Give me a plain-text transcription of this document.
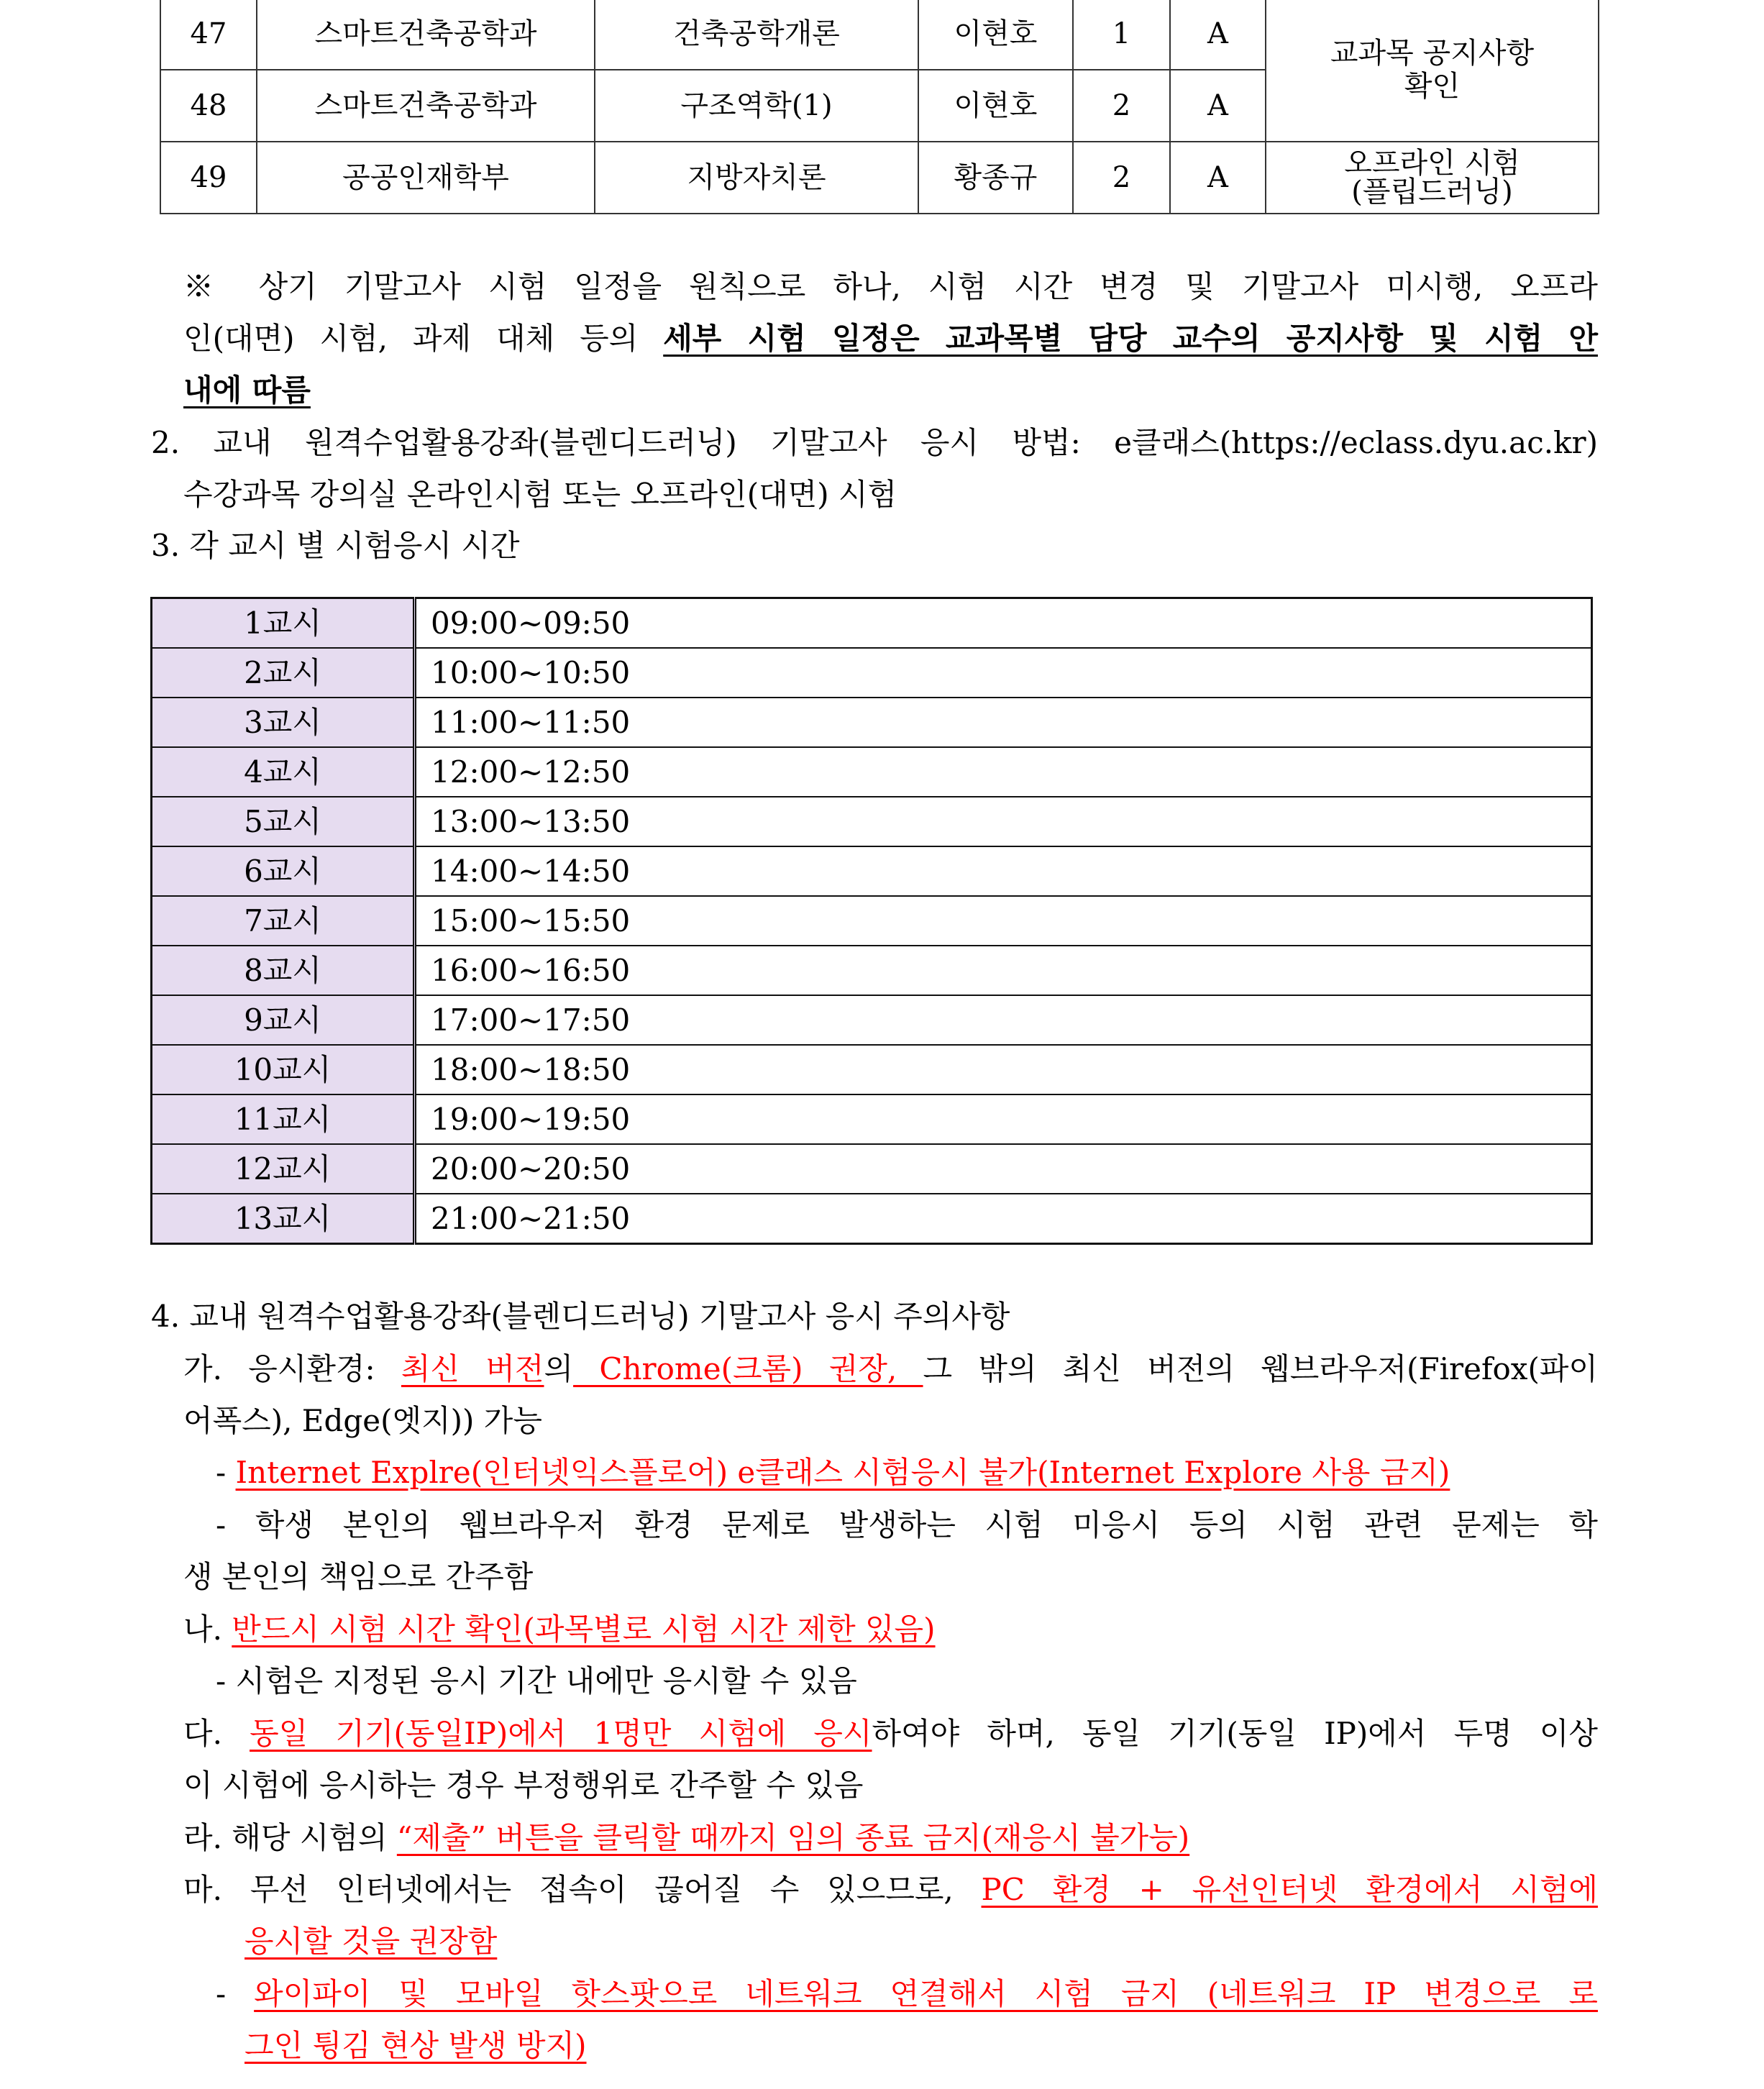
47	스마트건축공학과	건축공학개론	이현호	1	A	교과목 공지사항
확인

48	스마트건축공학과	구조역학(1)	이현호	2	A	
49	공공인재학부	지방자치론	황종규	2	A	오프라인 시험
(플립드러닝)
※ 상기 기말고사 시험 일정을 원칙으로 하나, 시험 시간 변경 및 기말고사 미시행, 오프라
인(대면) 시험, 과제 대체 등의 세부 시험 일정은 교과목별 담당 교수의 공지사항 및 시험 안
내에 따름
2. 교내 원격수업활용강좌(블렌디드러닝) 기말고사 응시 방법: e클래스(https://eclass.dyu.ac.kr)
수강과목 강의실 온라인시험 또는 오프라인(대면) 시험
3. 각 교시 별 시험응시 시간
1교시	09:00~09:50
2교시	10:00~10:50
3교시	11:00~11:50
4교시	12:00~12:50
5교시	13:00~13:50
6교시	14:00~14:50
7교시	15:00~15:50
8교시	16:00~16:50
9교시	17:00~17:50
10교시	18:00~18:50
11교시	19:00~19:50
12교시	20:00~20:50
13교시	21:00~21:50
4. 교내 원격수업활용강좌(블렌디드러닝) 기말고사 응시 주의사항
가. 응시환경: 최신 버전의 Chrome(크롬) 권장, 그 밖의 최신 버전의 웹브라우저(Firefox(파이
어폭스), Edge(엣지)) 가능
- Internet Explre(인터넷익스플로어) e클래스 시험응시 불가(Internet Explore 사용 금지)
- 학생 본인의 웹브라우저 환경 문제로 발생하는 시험 미응시 등의 시험 관련 문제는 학
생 본인의 책임으로 간주함
나. 반드시 시험 시간 확인(과목별로 시험 시간 제한 있음)
- 시험은 지정된 응시 기간 내에만 응시할 수 있음
다. 동일 기기(동일IP)에서 1명만 시험에 응시하여야 하며, 동일 기기(동일 IP)에서 두명 이상
이 시험에 응시하는 경우 부정행위로 간주할 수 있음
라. 해당 시험의 “제출” 버튼을 클릭할 때까지 임의 종료 금지(재응시 불가능)
마. 무선 인터넷에서는 접속이 끊어질 수 있으므로, PC 환경 + 유선인터넷 환경에서 시험에
응시할 것을 권장함
- 와이파이 및 모바일 핫스팟으로 네트워크 연결해서 시험 금지 (네트워크 IP 변경으로 로
그인 튕김 현상 발생 방지)
